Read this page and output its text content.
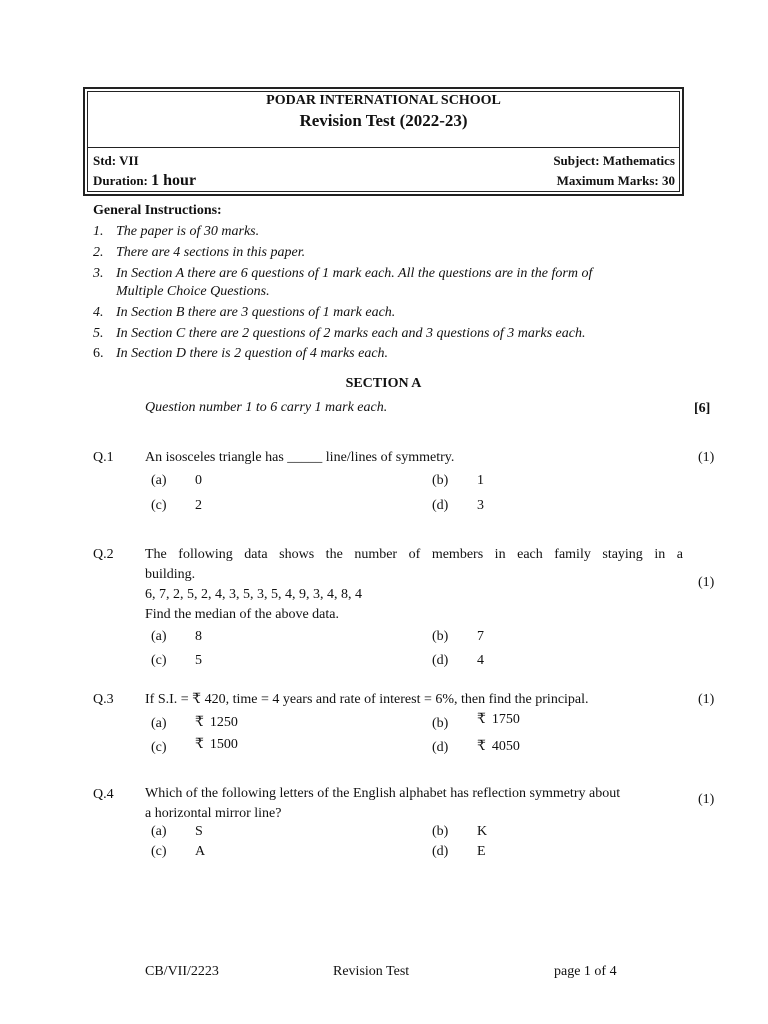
PODAR INTERNATIONAL SCHOOL
Revision Test (2022-23)
Std: VII	Subject: Mathematics
Duration: 1 hour	Maximum Marks: 30
General Instructions:
1. The paper is of 30 marks.
2. There are 4 sections in this paper.
3. In Section A there are 6 questions of 1 mark each. All the questions are in the form of
Multiple Choice Questions.
4. In Section B there are 3 questions of 1 mark each.
5. In Section C there are 2 questions of 2 marks each and 3 questions of 3 marks each.
6. In Section D there is 2 question of 4 marks each.
SECTION A
Question number 1 to 6 carry 1 mark each.	[6]
Q.1 An isosceles triangle has _____ line/lines of symmetry.	(1)
(a) 0	(b) 1
(c) 2	(d) 3
Q.2 The following data shows the number of members in each family staying in a
building.
6, 7, 2, 5, 2, 4, 3, 5, 3, 5, 4, 9, 3, 4, 8, 4
Find the median of the above data.
(1)
(a) 8	(b) 7
(c) 5	(d) 4
Q.3 If S.I. = ₹ 420, time = 4 years and rate of interest = 6%, then find the principal.	(1)
(a) ₹ 1250	(b) ₹ 1750
(c) ₹ 1500	(d) ₹ 4050
Q.4 Which of the following letters of the English alphabet has reflection symmetry about
a horizontal mirror line?
(1)
(a) S	(b) K
(c) A	(d) E
CB/VII/2223	Revision Test	page 1 of 4
